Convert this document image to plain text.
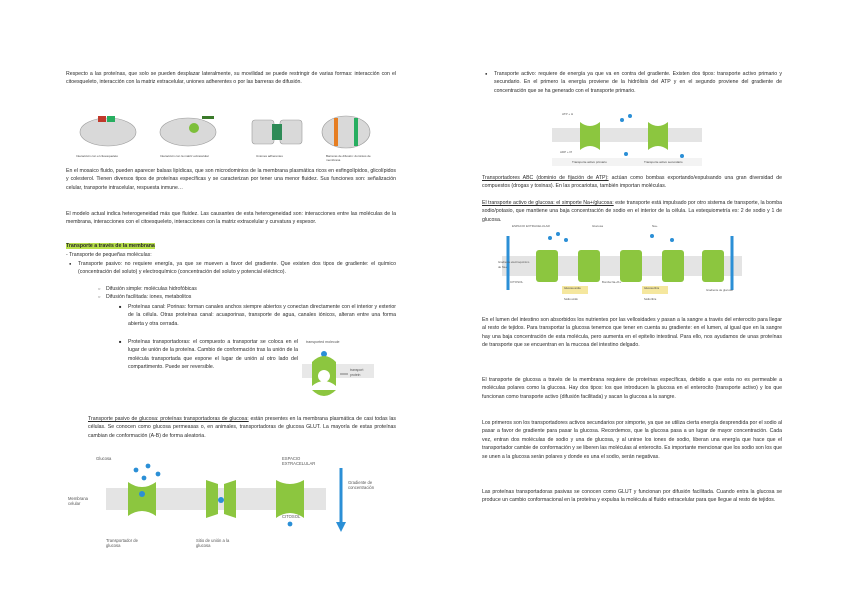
Respecto a las proteínas, que solo se pueden desplazar lateralmente, su movilidad se puede restringir de varias formas: interacción con el citoesqueleto, interacción con la matriz extracelular, uniones adherentes o por las barreras de difusión.

Interacción con el citoesqueleto	Interacción con la matriz extracelular	Uniones adherentes	Barreras de difusión: dominios de membrana

En el mosaico fluido, pueden aparecer balsas lipídicas, que son microdominios de la membrana plasmática ricos en esfingolípidos, glicolípidos y colesterol. Tienen diversos tipos de proteínas específicas y se caracterizan por tener una menor fluidez. Sus funciones son: señalización celular, transporte intracelular, respuesta inmune…

El modelo actual indica heterogeneidad más que fluidez. Las causantes de esta heterogeneidad son: interacciones entre las moléculas de la membrana, interacciones con el citoesqueleto, interacciones con la matriz extracelular y curvatura y espesor.

Transporte a través de la membrana

- Transporte de pequeñas moléculas:

● Transporte pasivo: no requiere energía, ya que se mueven a favor del gradiente. Que existen dos tipos de gradiente: el químico (concentración del soluto) y electroquímico (concentración del soluto y potencial eléctrico).
○ Difusión simple: moléculas hidrofóbicas
○ Difusión facilitada: iones, metabolitos
■ Proteínas canal: Porinas: forman canales anchos siempre abiertos y conectan directamente con el interior y exterior de la célula. Otras proteínas canal: acuaporinas, transporte de agua, canales iónicos, alteran entre una forma abierta y otra cerrada.
■ Proteínas transportadoras: el compuesto a transportar se coloca en el lugar de unión de la proteína. Cambio de conformación tras la unión de la molécula transportada que expone el lugar de unión al otro lado del compartimento. Puede ser reversible.
transported molecule
transport protein

Transporte pasivo de glucosa: proteínas transportadoras de glucosa: están presentes en la membrana plasmática de casi todas las células. Se conocen como glucosa permeasas o, en animales, transportadoras de glucosa GLUT. La mayoría de estas proteínas cambian de conformación (A-B) de forma aleatoria.

Glucosa
Membrana celular
ESPACIO EXTRACELULAR
CITOSOL
Gradiente de concentración
Transportador de glucosa
Sitio de unión a la glucosa
● Transporte activo: requiere de energía ya que va en contra del gradiente. Existen dos tipos: transporte activo primario y secundario. En el primero la energía proviene de la hidrólisis del ATP y en el segundo proviene del gradiente de concentración que se ha generado con el transporte primario.
ATP + H
ADP + Pi
Transporte activo primario	Transporte activo secundario

Transportadores ABC (dominio de fijación de ATP): actúan como bombas exportando/expulsando una gran diversidad de compuestos (drogas y toxinas). En las procariotas, también importan moléculas.

El transporte activo de glucosa: el simporte Na+/glucosa: este transporte está impulsado por otro sistema de transporte, la bomba sodio/potasio, que mantiene una baja concentración de sodio en el interior de la célula. La estequiometría es: 2 de sodio y 1 de glucosa.

ESPACIO EXTRACELULAR	Glucosa	Na+
Gradiente electroquímico de Na+
CITOSOL	Bomba Na+/K+
Gradiente de glucosa
Glucosa unida
Sodio unido
Glucosa libre
Sodio libre

En el lumen del intestino son absorbidos los nutrientes por las vellosidades y pasan a la sangre a través del enterocito para llegar al resto de tejidos. Para transportar la glucosa tenemos que tener en cuenta su gradiente: en el lumen, al igual que en la sangre hay una baja concentración de esta molécula, pero aumenta en el epitelio intestinal. Para ello, nos ayudamos de unas proteínas de transporte que se encuentran en la mucosa del intestino delgado.

El transporte de glucosa a través de la membrana requiere de proteínas específicas, debido a que esta no es permeable a moléculas polares como la glucosa. Hay dos tipos: los que introducen la glucosa en el enterocito (transporte activo) y los que funcionan como transporte activo (difusión facilitada) y sacan la glucosa a la sangre.

Los primeros son los transportadores activos secundarios por simporte, ya que se utiliza cierta energía desprendida por el sodio al pasar a favor de gradiente para pasar la glucosa. Recordemos, que la glucosa pasa a un lugar de mayor concentración. Cada vez, entran dos moléculas de sodio y una de glucosa, y al unirse los iones de sodio, liberan una energía que hace que el transportador cambie de conformación y se liberen las moléculas al enterocito. Es importante mencionar que los sodio son los que se unen a la glucosa serán polares y donde es una el sodio, serán negativas.

Las proteínas transportadoras pasivas se conocen como GLUT y funcionan por difusión facilitada. Cuando entra la glucosa se produce un cambio conformacional en la proteína y expulsa la molécula al fluido extracelular para que llegue al resto de tejidos.
